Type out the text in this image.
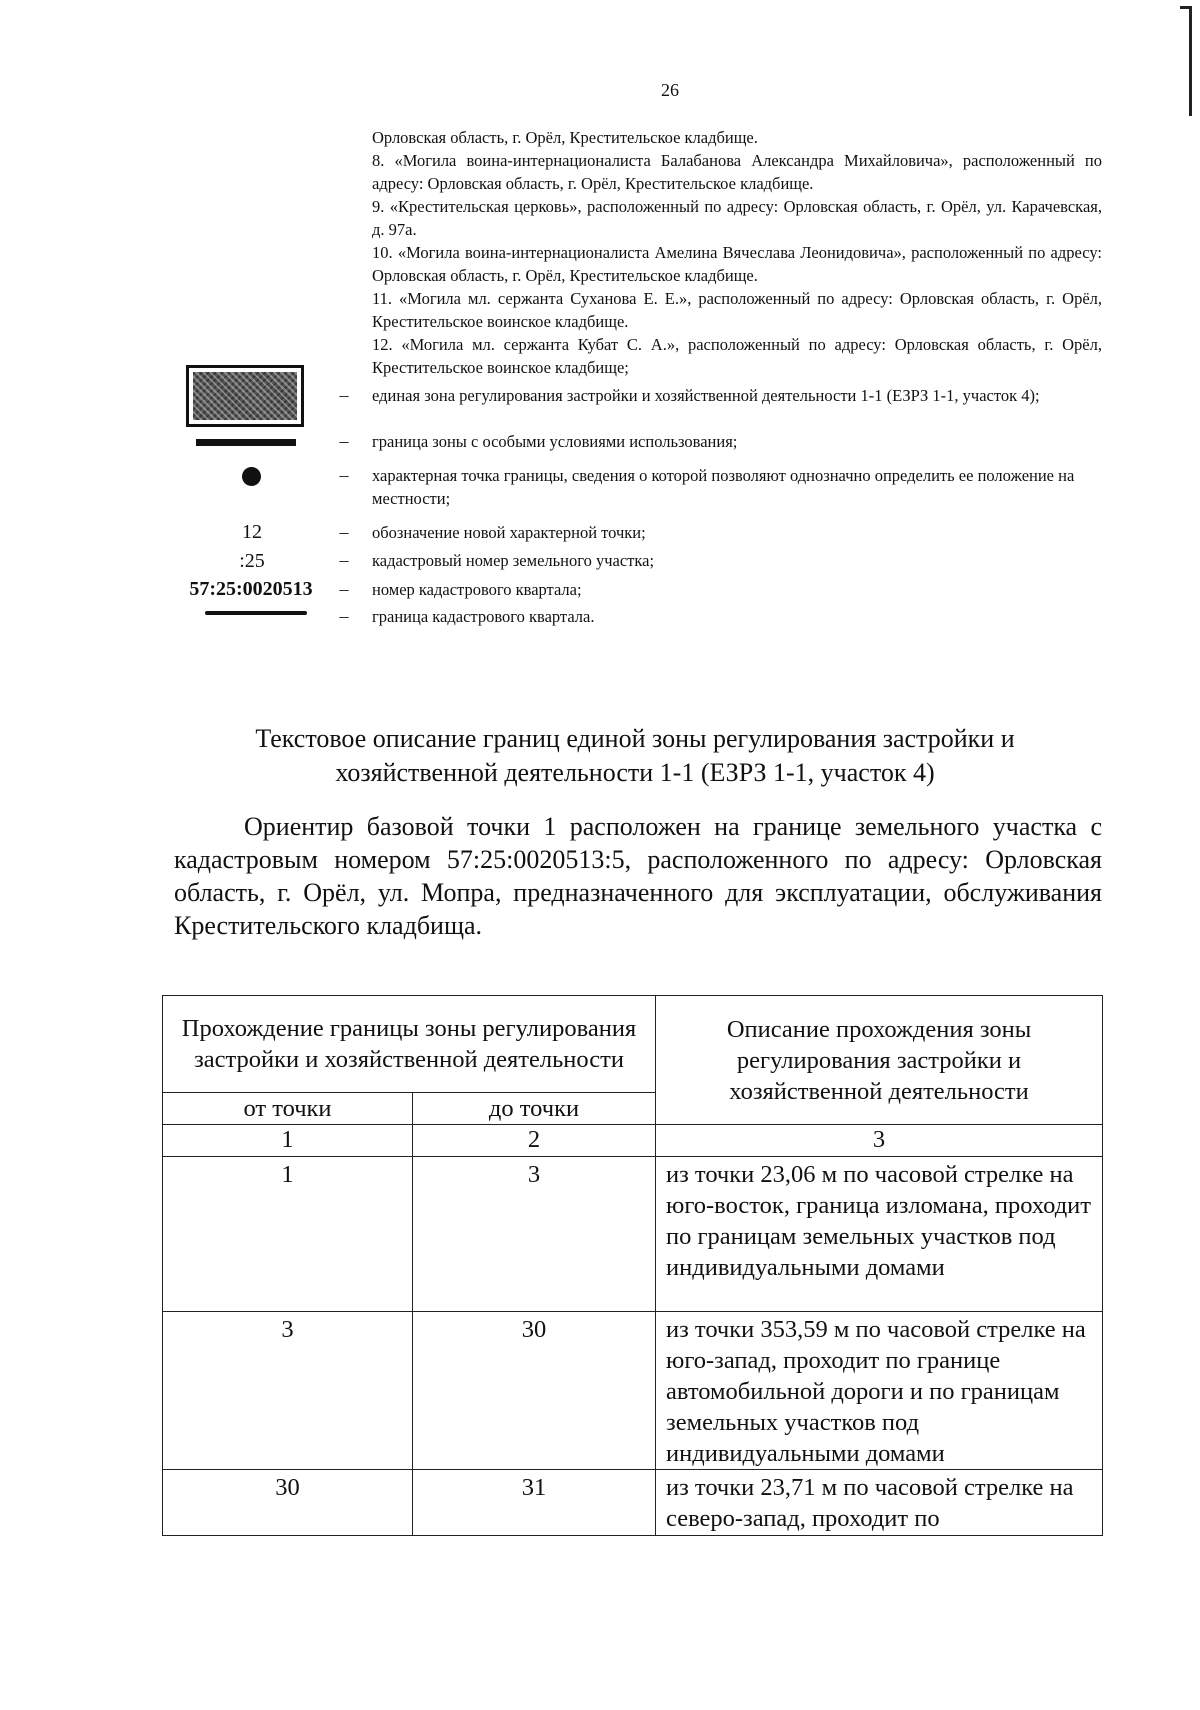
26

Орловская область, г. Орёл, Крестительское кладбище.

8. «Могила воина-интернационалиста Балабанова Александра Михайловича», расположенный по адресу: Орловская область, г. Орёл, Крестительское кладбище.

9. «Крестительская церковь», расположенный по адресу: Орловская область, г. Орёл, ул. Карачевская, д. 97а.

10. «Могила воина-интернационалиста Амелина Вячеслава Леонидовича», расположенный по адресу: Орловская область, г. Орёл, Крестительское кладбище.

11. «Могила мл. сержанта Суханова Е. Е.», расположенный по адресу: Орловская область, г. Орёл, Крестительское воинское кладбище.

12. «Могила мл. сержанта Кубат С. А.», расположенный по адресу: Орловская область, г. Орёл, Крестительское воинское кладбище;

–	единая зона регулирования застройки и хозяйственной деятельности 1-1 (ЕЗРЗ 1-1, участок 4);
–	граница зоны с особыми условиями использования;
–	характерная точка границы, сведения о которой позволяют однозначно определить ее положение на местности;
12	–	обозначение новой характерной точки;
:25	–	кадастровый номер земельного участка;
57:25:0020513	–	номер кадастрового квартала;
–	граница кадастрового квартала.
Текстовое описание границ единой зоны регулирования застройки и хозяйственной деятельности 1-1 (ЕЗРЗ 1-1, участок 4)
Ориентир базовой точки 1 расположен на границе земельного участка с кадастровым номером 57:25:0020513:5, расположенного по адресу: Орловская область, г. Орёл, ул. Мопра, предназначенного для эксплуатации, обслуживания Крестительского кладбища.
Прохождение границы зоны регулирования застройки и хозяйственной деятельности		Описание прохождения зоны регулирования застройки и хозяйственной деятельности
от точки	до точки	
1	2	3
1	3	из точки 23,06 м по часовой стрелке на юго-восток, граница изломана, проходит по границам земельных участков под индивидуальными домами
3	30	из точки 353,59 м по часовой стрелке на юго-запад, проходит по границе автомобильной дороги и по границам земельных участков под индивидуальными домами
30	31	из точки 23,71 м по часовой стрелке на северо-запад, проходит по
